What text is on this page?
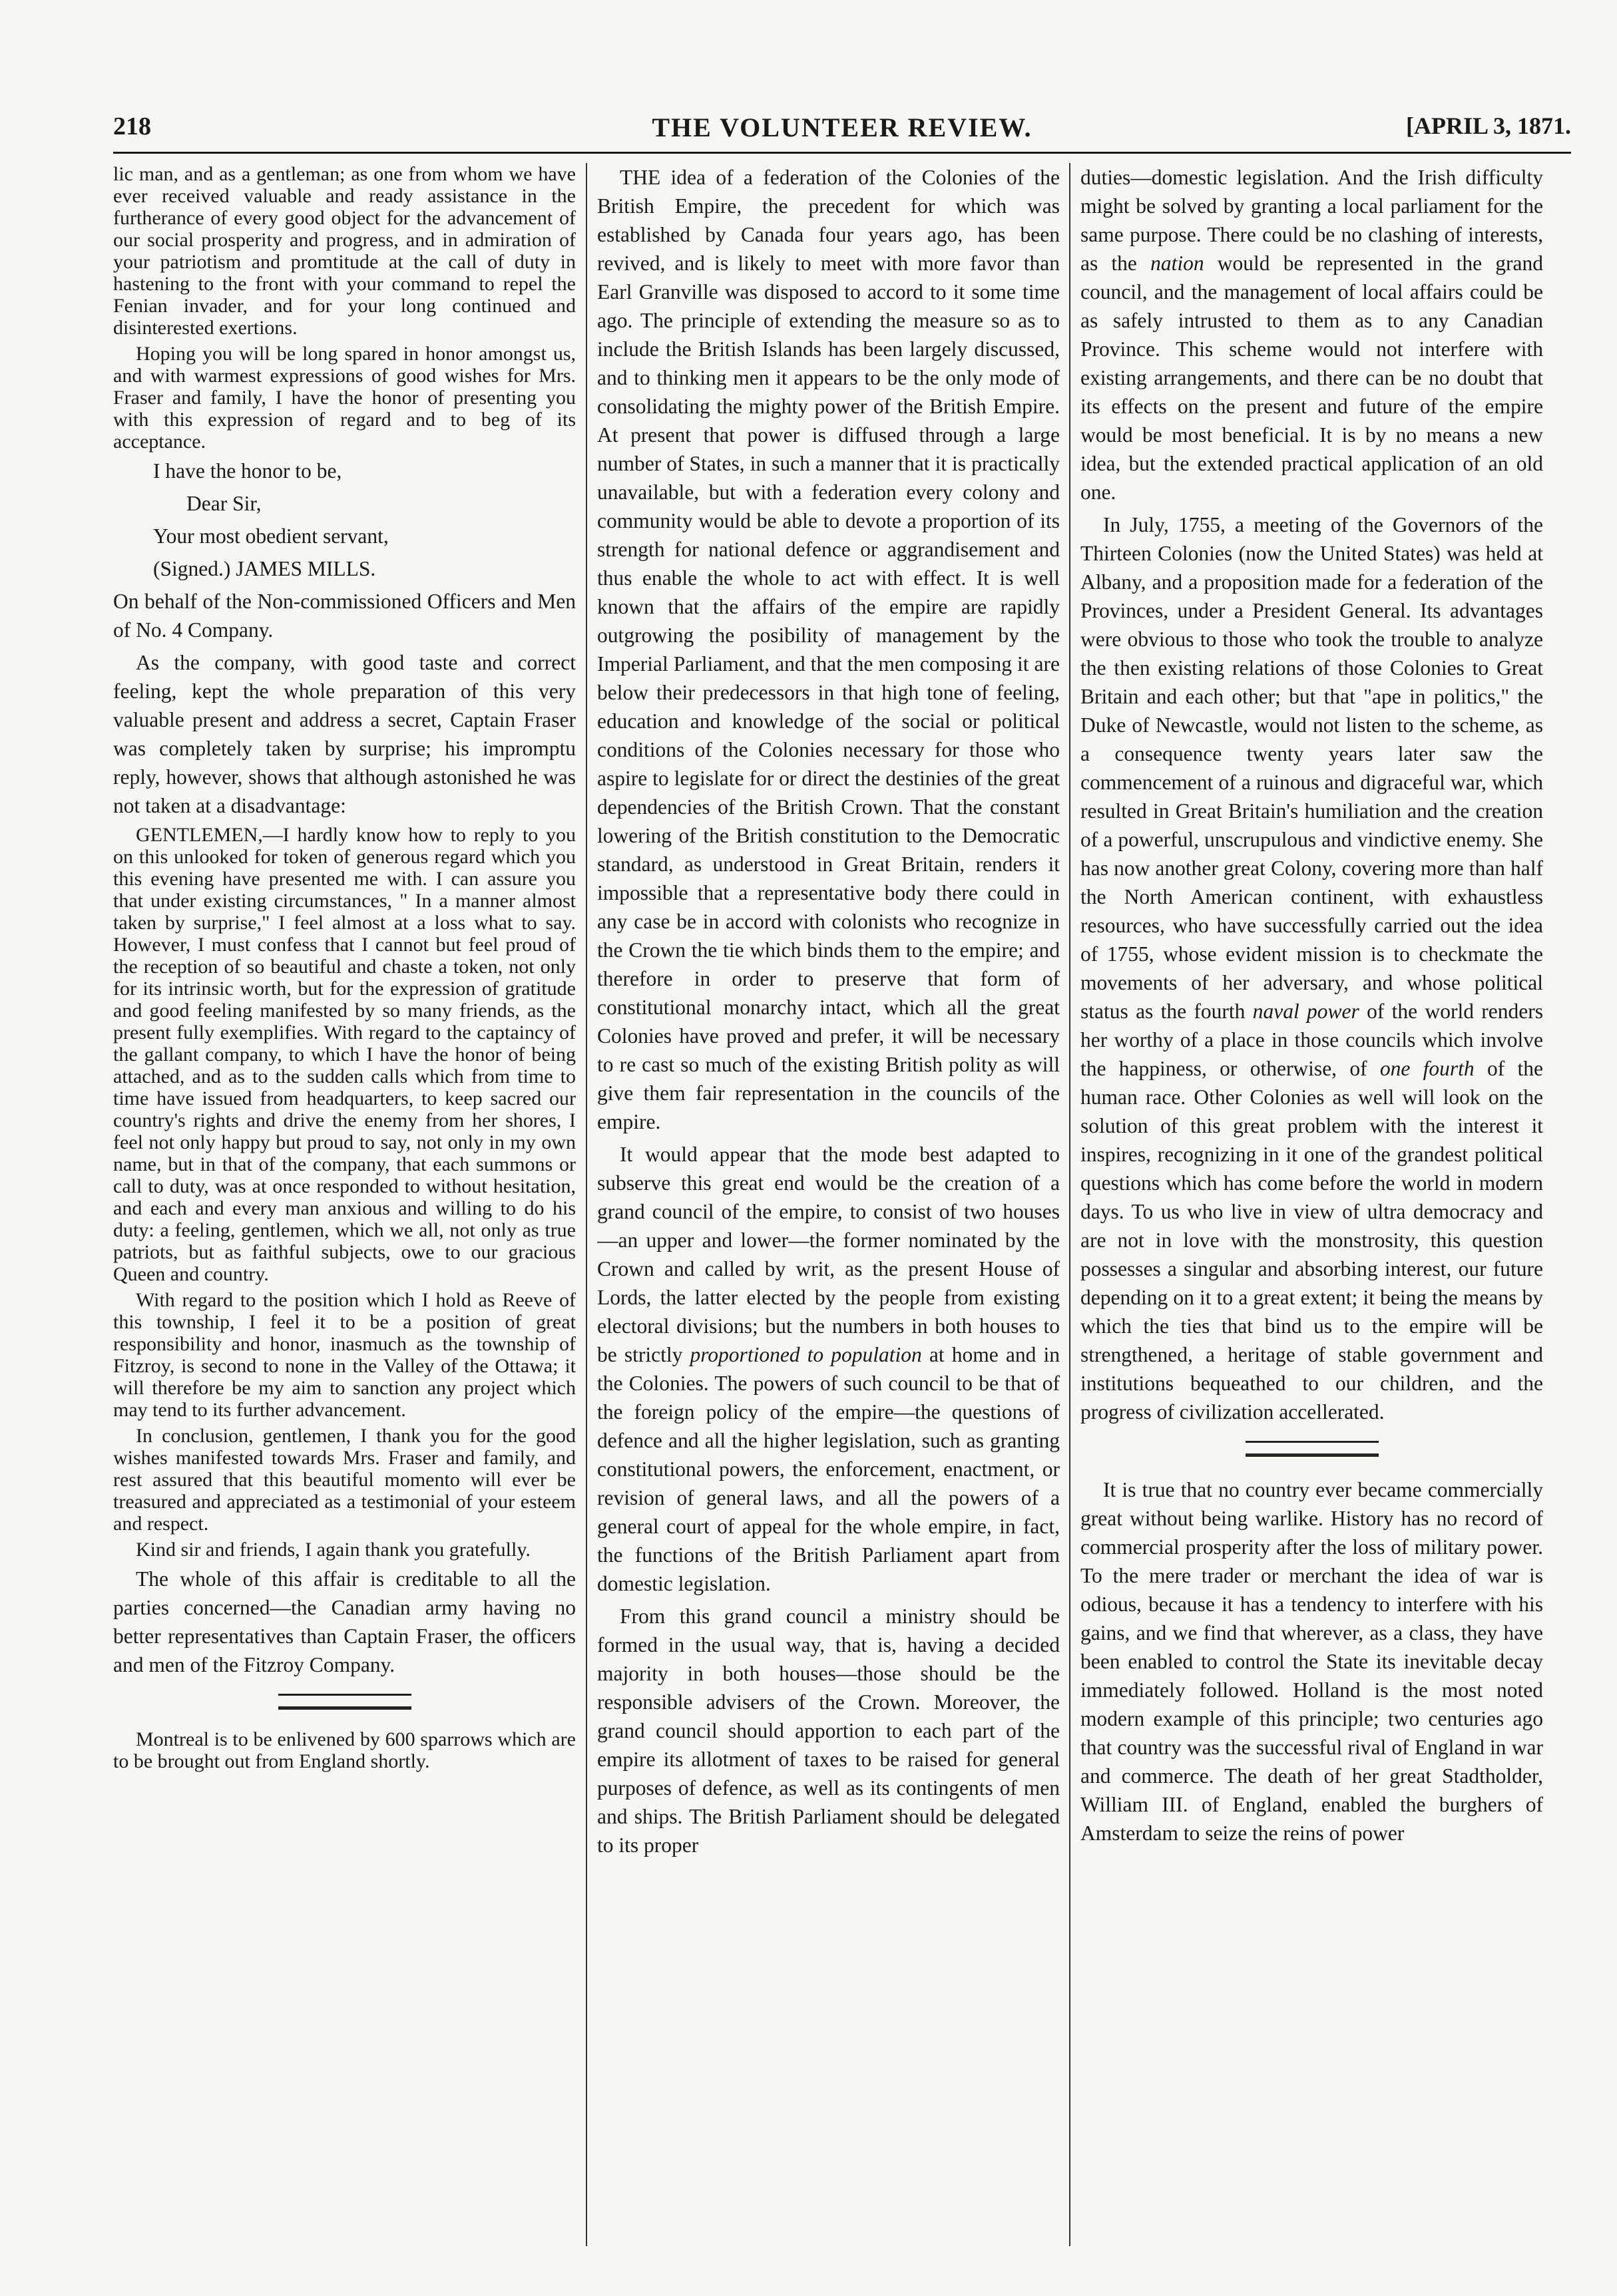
218	THE VOLUNTEER REVIEW.	[APRIL 3, 1871.

lic man, and as a gentleman; as one from whom we have ever received valuable and ready assistance in the furtherance of every good object for the advancement of our social prosperity and progress, and in admiration of your patriotism and promtitude at the call of duty in hastening to the front with your command to repel the Fenian invader, and for your long continued and disinterested exertions.

Hoping you will be long spared in honor amongst us, and with warmest expressions of good wishes for Mrs. Fraser and family, I have the honor of presenting you with this expression of regard and to beg of its acceptance.

I have the honor to be,

Dear Sir,

Your most obedient servant,

(Signed.) JAMES MILLS.

On behalf of the Non-commissioned Officers and Men of No. 4 Company.

As the company, with good taste and correct feeling, kept the whole preparation of this very valuable present and address a secret, Captain Fraser was completely taken by surprise; his impromptu reply, however, shows that although astonished he was not taken at a disadvantage:

GENTLEMEN,—I hardly know how to reply to you on this unlooked for token of generous regard which you this evening have presented me with. I can assure you that under existing circumstances, " In a manner almost taken by surprise," I feel almost at a loss what to say. However, I must confess that I cannot but feel proud of the reception of so beautiful and chaste a token, not only for its intrinsic worth, but for the expression of gratitude and good feeling manifested by so many friends, as the present fully exemplifies. With regard to the captaincy of the gallant company, to which I have the honor of being attached, and as to the sudden calls which from time to time have issued from headquarters, to keep sacred our country's rights and drive the enemy from her shores, I feel not only happy but proud to say, not only in my own name, but in that of the company, that each summons or call to duty, was at once responded to without hesitation, and each and every man anxious and willing to do his duty: a feeling, gentlemen, which we all, not only as true patriots, but as faithful subjects, owe to our gracious Queen and country.

With regard to the position which I hold as Reeve of this township, I feel it to be a position of great responsibility and honor, inasmuch as the township of Fitzroy, is second to none in the Valley of the Ottawa; it will therefore be my aim to sanction any project which may tend to its further advancement.

In conclusion, gentlemen, I thank you for the good wishes manifested towards Mrs. Fraser and family, and rest assured that this beautiful momento will ever be treasured and appreciated as a testimonial of your esteem and respect.

Kind sir and friends, I again thank you gratefully.

The whole of this affair is creditable to all the parties concerned—the Canadian army having no better representatives than Captain Fraser, the officers and men of the Fitzroy Company.

Montreal is to be enlivened by 600 sparrows which are to be brought out from England shortly.

THE idea of a federation of the Colonies of the British Empire, the precedent for which was established by Canada four years ago, has been revived, and is likely to meet with more favor than Earl Granville was disposed to accord to it some time ago. The principle of extending the measure so as to include the British Islands has been largely discussed, and to thinking men it appears to be the only mode of consolidating the mighty power of the British Empire. At present that power is diffused through a large number of States, in such a manner that it is practically unavailable, but with a federation every colony and community would be able to devote a proportion of its strength for national defence or aggrandisement and thus enable the whole to act with effect. It is well known that the affairs of the empire are rapidly outgrowing the posibility of management by the Imperial Parliament, and that the men composing it are below their predecessors in that high tone of feeling, education and knowledge of the social or political conditions of the Colonies necessary for those who aspire to legislate for or direct the destinies of the great dependencies of the British Crown. That the constant lowering of the British constitution to the Democratic standard, as understood in Great Britain, renders it impossible that a representative body there could in any case be in accord with colonists who recognize in the Crown the tie which binds them to the empire; and therefore in order to preserve that form of constitutional monarchy intact, which all the great Colonies have proved and prefer, it will be necessary to re cast so much of the existing British polity as will give them fair representation in the councils of the empire.

It would appear that the mode best adapted to subserve this great end would be the creation of a grand council of the empire, to consist of two houses—an upper and lower—the former nominated by the Crown and called by writ, as the present House of Lords, the latter elected by the people from existing electoral divisions; but the numbers in both houses to be strictly proportioned to population at home and in the Colonies. The powers of such council to be that of the foreign policy of the empire—the questions of defence and all the higher legislation, such as granting constitutional powers, the enforcement, enactment, or revision of general laws, and all the powers of a general court of appeal for the whole empire, in fact, the functions of the British Parliament apart from domestic legislation.

From this grand council a ministry should be formed in the usual way, that is, having a decided majority in both houses—those should be the responsible advisers of the Crown. Moreover, the grand council should apportion to each part of the empire its allotment of taxes to be raised for general purposes of defence, as well as its contingents of men and ships. The British Parliament should be delegated to its proper

duties—domestic legislation. And the Irish difficulty might be solved by granting a local parliament for the same purpose. There could be no clashing of interests, as the nation would be represented in the grand council, and the management of local affairs could be as safely intrusted to them as to any Canadian Province. This scheme would not interfere with existing arrangements, and there can be no doubt that its effects on the present and future of the empire would be most beneficial. It is by no means a new idea, but the extended practical application of an old one.

In July, 1755, a meeting of the Governors of the Thirteen Colonies (now the United States) was held at Albany, and a proposition made for a federation of the Provinces, under a President General. Its advantages were obvious to those who took the trouble to analyze the then existing relations of those Colonies to Great Britain and each other; but that "ape in politics," the Duke of Newcastle, would not listen to the scheme, as a consequence twenty years later saw the commencement of a ruinous and digraceful war, which resulted in Great Britain's humiliation and the creation of a powerful, unscrupulous and vindictive enemy. She has now another great Colony, covering more than half the North American continent, with exhaustless resources, who have successfully carried out the idea of 1755, whose evident mission is to checkmate the movements of her adversary, and whose political status as the fourth naval power of the world renders her worthy of a place in those councils which involve the happiness, or otherwise, of one fourth of the human race. Other Colonies as well will look on the solution of this great problem with the interest it inspires, recognizing in it one of the grandest political questions which has come before the world in modern days. To us who live in view of ultra democracy and are not in love with the monstrosity, this question possesses a singular and absorbing interest, our future depending on it to a great extent; it being the means by which the ties that bind us to the empire will be strengthened, a heritage of stable government and institutions bequeathed to our children, and the progress of civilization accellerated.

It is true that no country ever became commercially great without being warlike. History has no record of commercial prosperity after the loss of military power. To the mere trader or merchant the idea of war is odious, because it has a tendency to interfere with his gains, and we find that wherever, as a class, they have been enabled to control the State its inevitable decay immediately followed. Holland is the most noted modern example of this principle; two centuries ago that country was the successful rival of England in war and commerce. The death of her great Stadtholder, William III. of England, enabled the burghers of Amsterdam to seize the reins of power
